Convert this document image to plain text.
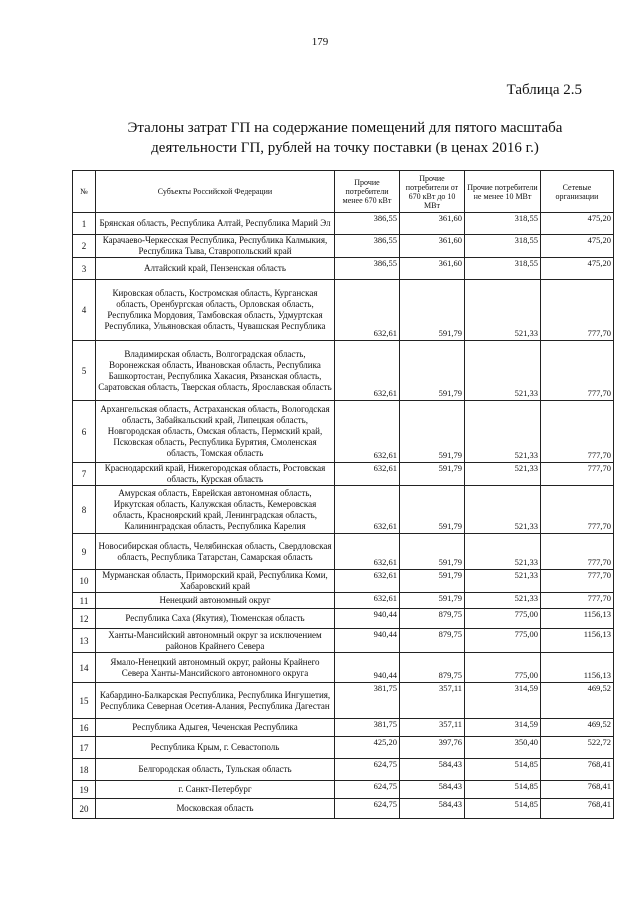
179
Таблица 2.5
Эталоны затрат ГП на содержание помещений для пятого масштаба
деятельности ГП, рублей на точку поставки (в ценах 2016 г.)
№	Субъекты Российской Федерации	Прочие потребители менее 670 кВт	Прочие потребители от 670 кВт до 10 МВт	Прочие потребители не менее 10 МВт	Сетевые организации
1	Брянская область, Республика Алтай, Республика Марий Эл	386,55	361,60	318,55	475,20
2	Карачаево-Черкесская Республика, Республика Калмыкия, Республика Тыва, Ставропольский край	386,55	361,60	318,55	475,20
3	Алтайский край, Пензенская область	386,55	361,60	318,55	475,20
4	Кировская область, Костромская область, Курганская область, Оренбургская область, Орловская область, Республика Мордовия, Тамбовская область, Удмуртская Республика, Ульяновская область, Чувашская Республика	632,61	591,79	521,33	777,70
5	Владимирская область, Волгоградская область, Воронежская область, Ивановская область, Республика Башкортостан, Республика Хакасия, Рязанская область, Саратовская область, Тверская область, Ярославская область	632,61	591,79	521,33	777,70
6	Архангельская область, Астраханская область, Вологодская область, Забайкальский край, Липецкая область, Новгородская область, Омская область, Пермский край, Псковская область, Республика Бурятия, Смоленская область, Томская область	632,61	591,79	521,33	777,70
7	Краснодарский край, Нижегородская область, Ростовская область, Курская область	632,61	591,79	521,33	777,70
8	Амурская область, Еврейская автономная область, Иркутская область, Калужская область, Кемеровская область, Красноярский край, Ленинградская область, Калининградская область, Республика Карелия	632,61	591,79	521,33	777,70
9	Новосибирская область, Челябинская область, Свердловская область, Республика Татарстан, Самарская область	632,61	591,79	521,33	777,70
10	Мурманская область, Приморский край, Республика Коми, Хабаровский край	632,61	591,79	521,33	777,70
11	Ненецкий автономный округ	632,61	591,79	521,33	777,70
12	Республика Саха (Якутия), Тюменская область	940,44	879,75	775,00	1156,13
13	Ханты-Мансийский автономный округ за исключением районов Крайнего Севера	940,44	879,75	775,00	1156,13
14	Ямало-Ненецкий автономный округ, районы Крайнего Севера Ханты-Мансийского автономного округа	940,44	879,75	775,00	1156,13
15	Кабардино-Балкарская Республика, Республика Ингушетия, Республика Северная Осетия-Алания, Республика Дагестан	381,75	357,11	314,59	469,52
16	Республика Адыгея, Чеченская Республика	381,75	357,11	314,59	469,52
17	Республика Крым, г. Севастополь	425,20	397,76	350,40	522,72
18	Белгородская область, Тульская область	624,75	584,43	514,85	768,41
19	г. Санкт-Петербург	624,75	584,43	514,85	768,41
20	Московская область	624,75	584,43	514,85	768,41
